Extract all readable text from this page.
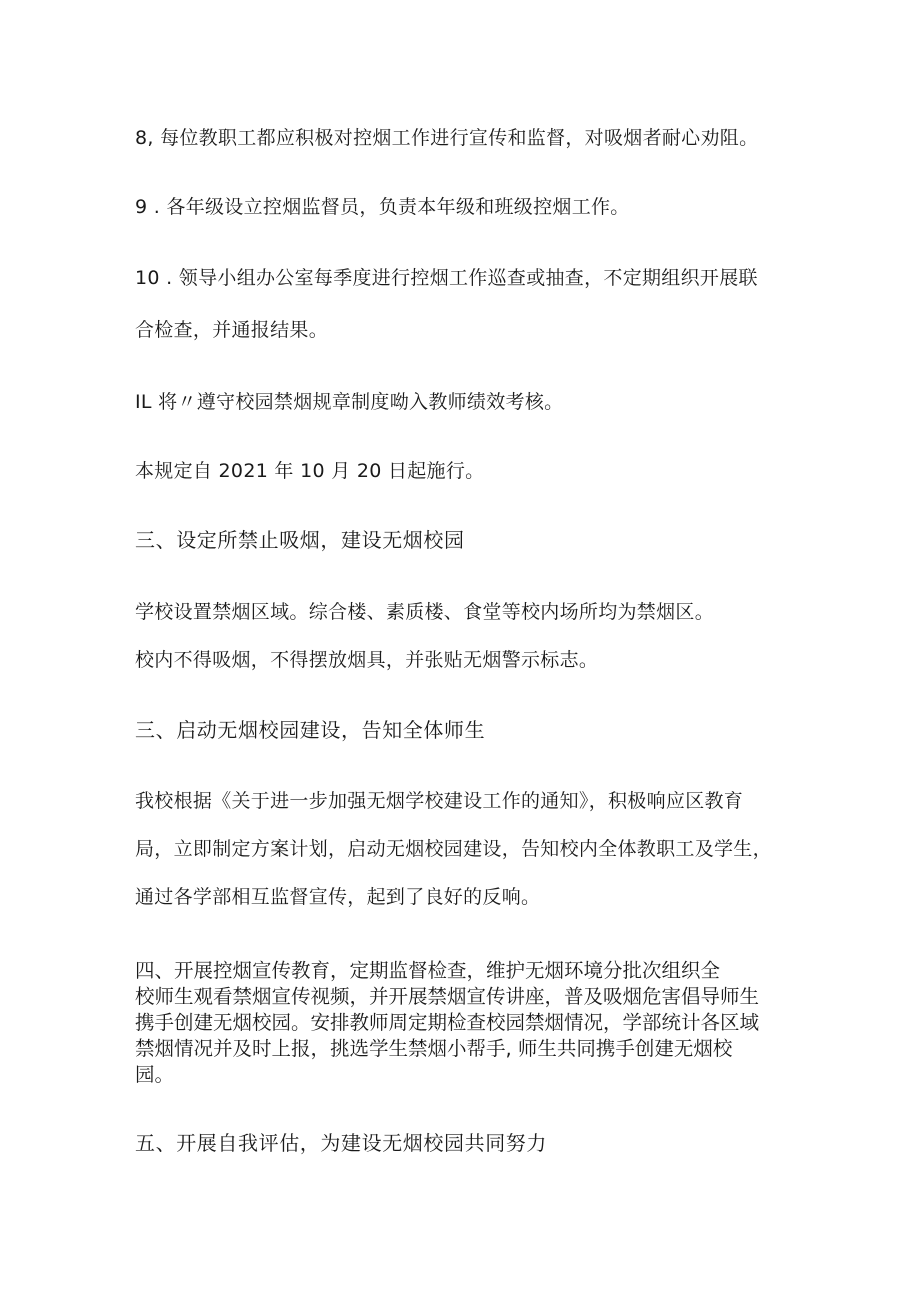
8, 每位教职工都应积极对控烟工作进行宣传和监督，对吸烟者耐心劝阻。

9 . 各年级设立控烟监督员，负责本年级和班级控烟工作。

10 . 领导小组办公室每季度进行控烟工作巡查或抽查，不定期组织开展联

合检查，并通报结果。

IL 将〃遵守校园禁烟规章制度呦入教师绩效考核。

本规定自 2021 年 10 月 20 日起施行。

三、设定所禁止吸烟，建设无烟校园

学校设置禁烟区域。综合楼、素质楼、食堂等校内场所均为禁烟区。

校内不得吸烟，不得摆放烟具，并张贴无烟警示标志。

三、启动无烟校园建设，告知全体师生

我校根据《关于进一步加强无烟学校建设工作的通知》，积极响应区教育

局，立即制定方案计划，启动无烟校园建设，告知校内全体教职工及学生，

通过各学部相互监督宣传，起到了良好的反响。

四、开展控烟宣传教育，定期监督检查，维护无烟环境分批次组织全
校师生观看禁烟宣传视频，并开展禁烟宣传讲座，普及吸烟危害倡导师生
携手创建无烟校园。安排教师周定期检查校园禁烟情况，学部统计各区域
禁烟情况并及时上报，挑选学生禁烟小帮手, 师生共同携手创建无烟校
园。

五、开展自我评估，为建设无烟校园共同努力
